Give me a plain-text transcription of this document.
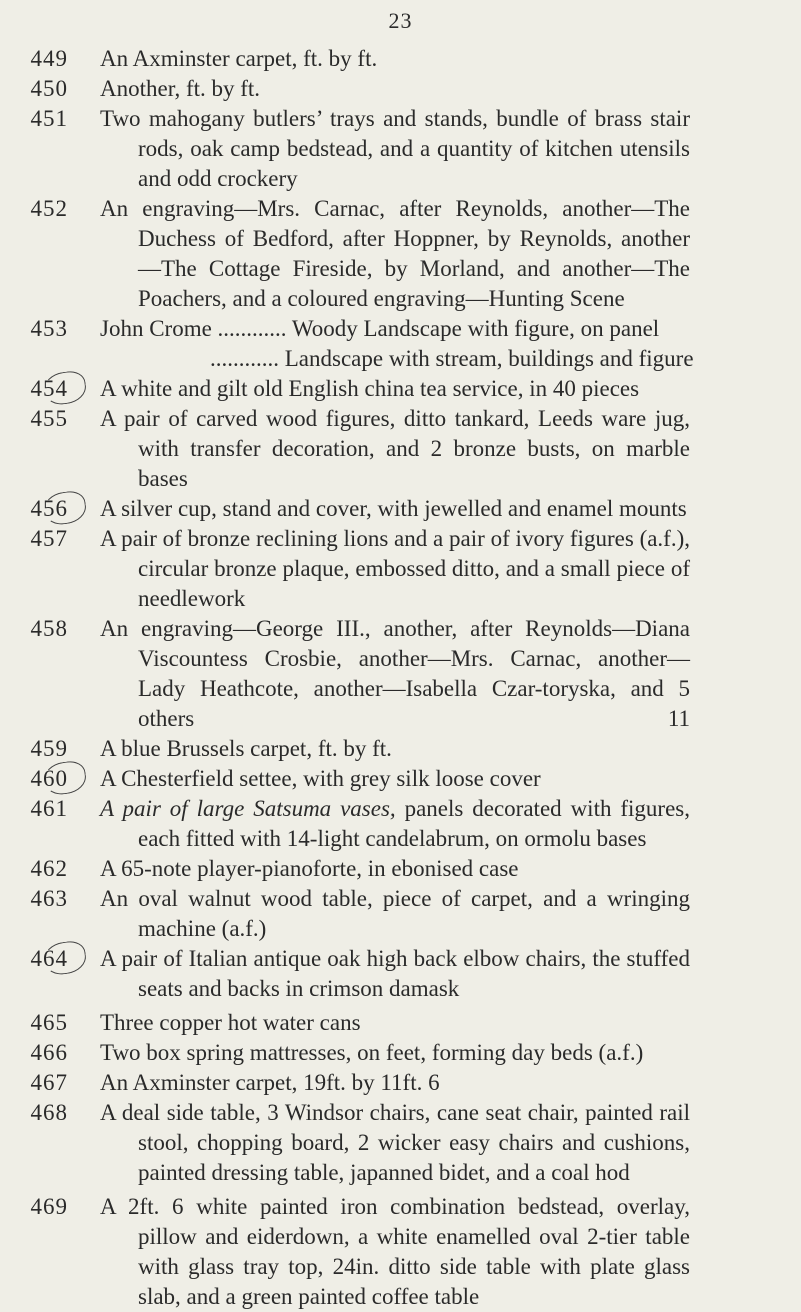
23
449 An Axminster carpet, ft. by ft.
450 Another, ft. by ft.
451 Two mahogany butlers’ trays and stands, bundle of brass stair rods, oak camp bedstead, and a quantity of kitchen utensils and odd crockery
452 An engraving—Mrs. Carnac, after Reynolds, another—The Duchess of Bedford, after Hoppner, by Reynolds, another —The Cottage Fireside, by Morland, and another—The Poachers, and a coloured engraving—Hunting Scene
453 John Crome ............ Woody Landscape with figure, on panel
............ Landscape with stream, buildings and figure
454 A white and gilt old English china tea service, in 40 pieces
455 A pair of carved wood figures, ditto tankard, Leeds ware jug, with transfer decoration, and 2 bronze busts, on marble bases
456 A silver cup, stand and cover, with jewelled and enamel mounts
457 A pair of bronze reclining lions and a pair of ivory figures (a.f.), circular bronze plaque, embossed ditto, and a small piece of needlework
458 An engraving—George III., another, after Reynolds—Diana Viscountess Crosbie, another—Mrs. Carnac, another—Lady Heathcote, another—Isabella Czar-toryska, and 5 others	11
459 A blue Brussels carpet, ft. by ft.
460 A Chesterfield settee, with grey silk loose cover
461 A pair of large Satsuma vases, panels decorated with figures, each fitted with 14-light candelabrum, on ormolu bases
462 A 65-note player-pianoforte, in ebonised case
463 An oval walnut wood table, piece of carpet, and a wringing machine (a.f.)
464 A pair of Italian antique oak high back elbow chairs, the stuffed seats and backs in crimson damask
465 Three copper hot water cans
466 Two box spring mattresses, on feet, forming day beds (a.f.)
467 An Axminster carpet, 19ft. by 11ft. 6
468 A deal side table, 3 Windsor chairs, cane seat chair, painted rail stool, chopping board, 2 wicker easy chairs and cushions, painted dressing table, japanned bidet, and a coal hod
469 A 2ft. 6 white painted iron combination bedstead, overlay, pillow and eiderdown, a white enamelled oval 2-tier table with glass tray top, 24in. ditto side table with plate glass slab, and a green painted coffee table
